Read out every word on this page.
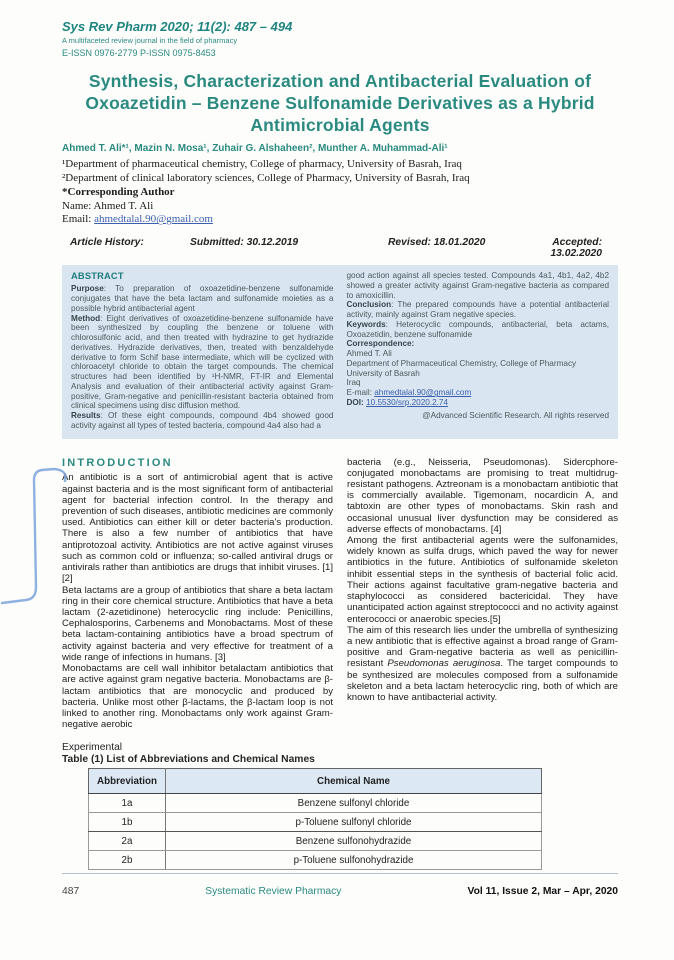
Sys Rev Pharm 2020; 11(2): 487 – 494
A multifaceted review journal in the field of pharmacy
E-ISSN 0976-2779 P-ISSN 0975-8453
Synthesis, Characterization and Antibacterial Evaluation of Oxoazetidin – Benzene Sulfonamide Derivatives as a Hybrid Antimicrobial Agents
Ahmed T. Ali*¹, Mazin N. Mosa¹, Zuhair G. Alshaheen², Munther A. Muhammad-Ali¹
¹Department of pharmaceutical chemistry, College of pharmacy, University of Basrah, Iraq
²Department of clinical laboratory sciences, College of Pharmacy, University of Basrah, Iraq
*Corresponding Author
Name: Ahmed T. Ali
Email: ahmedtalal.90@gmail.com
Article History:	Submitted: 30.12.2019	Revised: 18.01.2020	Accepted: 13.02.2020
ABSTRACT
Purpose: To preparation of oxoazetidine-benzene sulfonamide conjugates that have the beta lactam and sulfonamide moieties as a possible hybrid antibacterial agent
Method: Eight derivatives of oxoazetidine-benzene sulfonamide have been synthesized by coupling the benzene or toluene with chlorosulfonic acid, and then treated with hydrazine to get hydrazide derivatives. Hydrazide derivatives, then, treated with benzaldehyde derivative to form Schif base intermediate, which will be cyclized with chloroacetyl chloride to obtain the target compounds. The chemical structures had been identified by ¹H-NMR, FT-IR and Elemental Analysis and evaluation of their antibacterial activity against Gram-positive, Gram-negative and penicillin-resistant bacteria obtained from clinical specimens using disc diffusion method.
Results: Of these eight compounds, compound 4b4 showed good activity against all types of tested bacteria, compound 4a4 also had a
good action against all species tested. Compounds 4a1, 4b1, 4a2, 4b2 showed a greater activity against Gram-negative bacteria as compared to amoxicillin.
Conclusion: The prepared compounds have a potential antibacterial activity, mainly against Gram negative species.
Keywords: Heterocyclic compounds, antibacterial, beta actams, Oxoazetidin, benzene sulfonamide
Correspondence:
Ahmed T. Ali
Department of Pharmaceutical Chemistry, College of Pharmacy
University of Basrah
Iraq
E-mail: ahmedtalal.90@gmail.com
DOI: 10.5530/srp.2020.2.74
@Advanced Scientific Research. All rights reserved
INTRODUCTION

An antibiotic is a sort of antimicrobial agent that is active against bacteria and is the most significant form of antibacterial agent for bacterial infection control. In the therapy and prevention of such diseases, antibiotic medicines are commonly used. Antibiotics can either kill or deter bacteria's production. There is also a few number of antibiotics that have antiprotozoal activity. Antibiotics are not active against viruses such as common cold or influenza; so-called antiviral drugs or antivirals rather than antibiotics are drugs that inhibit viruses. [1] [2]

Beta lactams are a group of antibiotics that share a beta lactam ring in their core chemical structure. Antibiotics that have a beta lactam (2-azetidinone) heterocyclic ring include: Penicillins, Cephalosporins, Carbenems and Monobactams. Most of these beta lactam-containing antibiotics have a broad spectrum of activity against bacteria and very effective for treatment of a wide range of infections in humans. [3]

Monobactams are cell wall inhibitor betalactam antibiotics that are active against gram negative bacteria. Monobactams are β-lactam antibiotics that are monocyclic and produced by bacteria. Unlike most other β-lactams, the β-lactam loop is not linked to another ring. Monobactams only work against Gram-negative aerobic

bacteria (e.g., Neisseria, Pseudomonas). Sidercphore-conjugated monobactams are promising to treat multidrug-resistant pathogens. Aztreonam is a monobactam antibiotic that is commercially available. Tigemonam, nocardicin A, and tabtoxin are other types of monobactams. Skin rash and occasional unusual liver dysfunction may be considered as adverse effects of monobactams. [4]

Among the first antibacterial agents were the sulfonamides, widely known as sulfa drugs, which paved the way for newer antibiotics in the future. Antibiotics of sulfonamide skeleton inhibit essential steps in the synthesis of bacterial folic acid. Their actions against facultative gram-negative bacteria and staphylococci as considered bactericidal. They have unanticipated action against streptococci and no activity against enterococci or anaerobic species.[5]

The aim of this research lies under the umbrella of synthesizing a new antibiotic that is effective against a broad range of Gram-positive and Gram-negative bacteria as well as penicillin-resistant Pseudomonas aeruginosa. The target compounds to be synthesized are molecules composed from a sulfonamide skeleton and a beta lactam heterocyclic ring, both of which are known to have antibacterial activity.

Experimental
Table (1) List of Abbreviations and Chemical Names
Abbreviation	Chemical Name
1a	Benzene sulfonyl chloride
1b	p-Toluene sulfonyl chloride
2a	Benzene sulfonohydrazide
2b	p-Toluene sulfonohydrazide
487	Systematic Review Pharmacy	Vol 11, Issue 2, Mar – Apr, 2020
